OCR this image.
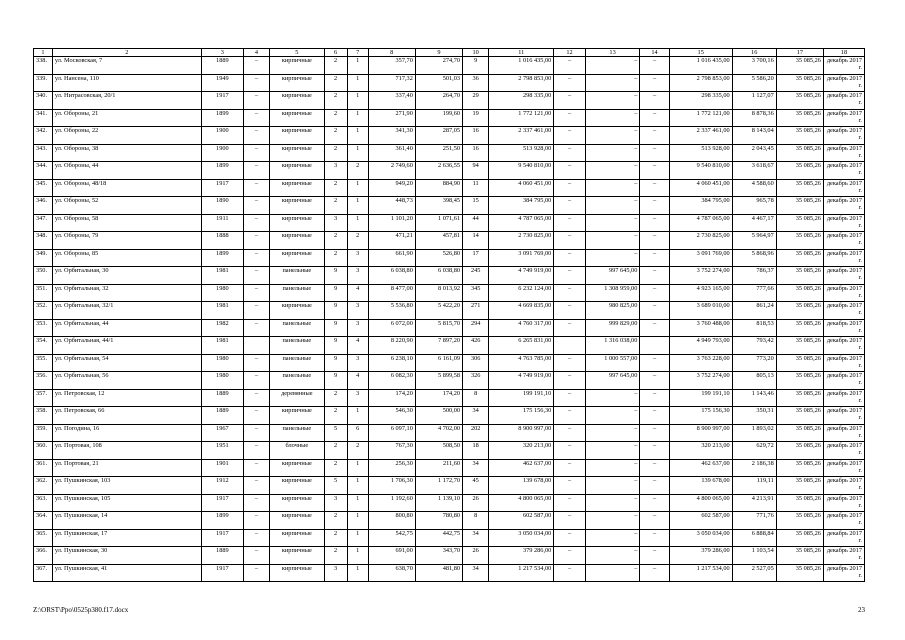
1	2	3	4	5	6	7	8	9	10	11	12	13	14	15	16	17	18
338.	ул. Московская, 7	1889	–	кирпичные	2	1	357,70	274,70	9	1 016 435,00	–	–	–	1 016 435,00	3 700,16	35 085,26	декабрь 2017 г.
339.	ул. Нансена, 110	1949	–	кирпичные	2	1	717,32	501,03	36	2 798 853,00	–	–	–	2 798 853,00	5 586,20	35 085,26	декабрь 2017 г.
340.	ул. Нитрасовская, 20/1	1917	–	кирпичные	2	1	337,40	264,70	29	298 335,00	–	–	–	298 335,00	1 127,07	35 085,26	декабрь 2017 г.
341.	ул. Обороны, 21	1899	–	кирпичные	2	1	271,90	199,60	19	1 772 121,00	–	–	–	1 772 121,00	8 878,36	35 085,26	декабрь 2017 г.
342.	ул. Обороны, 22	1900	–	кирпичные	2	1	341,30	287,05	16	2 337 461,00	–	–	–	2 337 461,00	8 143,04	35 085,26	декабрь 2017 г.
343.	ул. Обороны, 38	1900	–	кирпичные	2	1	361,40	251,50	16	513 928,00	–	–	–	513 928,00	2 043,45	35 085,26	декабрь 2017 г.
344.	ул. Обороны, 44	1899	–	кирпичные	3	2	2 749,60	2 636,55	94	9 540 810,00	–	–	–	9 540 810,00	3 618,67	35 085,26	декабрь 2017 г.
345.	ул. Обороны, 48/18	1917	–	кирпичные	2	1	949,20	884,90	11	4 060 451,00	–	–	–	4 060 451,00	4 588,60	35 085,26	декабрь 2017 г.
346.	ул. Обороны, 52	1890	–	кирпичные	2	1	448,73	398,45	15	384 795,00	–	–	–	384 795,00	965,78	35 085,26	декабрь 2017 г.
347.	ул. Обороны, 58	1911	–	кирпичные	3	1	1 101,20	1 071,61	44	4 787 065,00	–	–	–	4 787 065,00	4 467,17	35 085,26	декабрь 2017 г.
348.	ул. Обороны, 79	1888	–	кирпичные	2	2	471,21	457,81	14	2 730 825,00	–	–	–	2 730 825,00	5 964,97	35 085,26	декабрь 2017 г.
349.	ул. Обороны, 85	1899	–	кирпичные	2	3	661,90	526,80	17	3 091 769,00	–	–	–	3 091 769,00	5 868,96	35 085,26	декабрь 2017 г.
350.	ул. Орбитальная, 30	1981	–	панельные	9	3	6 038,80	6 038,80	245	4 749 919,00	–	997 645,00	–	3 752 274,00	786,37	35 085,26	декабрь 2017 г.
351.	ул. Орбитальная, 32	1980	–	панельные	9	4	8 477,00	8 013,92	345	6 232 124,00	–	1 308 959,00	–	4 923 165,00	777,66	35 085,26	декабрь 2017 г.
352.	ул. Орбитальная, 32/1	1981	–	кирпичные	9	3	5 536,80	5 422,20	271	4 669 835,00	–	980 825,00	–	3 689 010,00	861,24	35 085,26	декабрь 2017 г.
353.	ул. Орбитальная, 44	1982	–	панельные	9	3	6 072,00	5 815,70	294	4 760 317,00	–	999 829,00	–	3 760 488,00	818,53	35 085,26	декабрь 2017 г.
354.	ул. Орбитальная, 44/1	1981		панельные	9	4	8 220,90	7 897,20	426	6 265 831,00		1 316 038,00		4 949 793,00	793,42	35 085,26	декабрь 2017 г.
355.	ул. Орбитальная, 54	1980	–	панельные	9	3	6 238,10	6 161,09	306	4 763 785,00	–	1 000 557,00	–	3 763 228,00	773,20	35 085,26	декабрь 2017 г.
356.	ул. Орбитальная, 56	1980	–	панельные	9	4	6 082,30	5 899,58	326	4 749 919,00	–	997 645,00	–	3 752 274,00	805,13	35 085,26	декабрь 2017 г.
357.	ул. Петровская, 12	1889	–	деревянные	2	3	174,20	174,20	8	199 191,10	–	–	–	199 191,10	1 143,46	35 085,26	декабрь 2017 г.
358.	ул. Петровская, 66	1889	–	кирпичные	2	1	546,30	500,00	34	175 156,30	–	–	–	175 156,30	350,31	35 085,26	декабрь 2017 г.
359.	ул. Погодина, 16	1967	–	панельные	5	6	6 097,10	4 702,00	202	8 900 997,00	–	–	–	8 900 997,00	1 893,02	35 085,26	декабрь 2017 г.
360.	ул. Портовая, 108	1951	–	блочные	2	2	767,30	508,50	18	320 213,00	–	–	–	320 213,00	629,72	35 085,26	декабрь 2017 г.
361.	ул. Портовая, 21	1901	–	кирпичные	2	1	256,30	211,60	34	462 637,00	–	–	–	462 637,00	2 186,38	35 085,26	декабрь 2017 г.
362.	ул. Пушкинская, 103	1912	–	кирпичные	5	1	1 706,30	1 172,70	45	139 678,00	–	–	–	139 678,00	119,11	35 085,26	декабрь 2017 г.
363.	ул. Пушкинская, 105	1917	–	кирпичные	3	1	1 192,60	1 139,10	26	4 800 065,00	–	–	–	4 800 065,00	4 213,91	35 085,26	декабрь 2017 г.
364.	ул. Пушкинская, 14	1899	–	кирпичные	2	1	800,80	780,80	8	602 587,00	–	–	–	602 587,00	771,76	35 085,26	декабрь 2017 г.
365.	ул. Пушкинская, 17	1917	–	кирпичные	2	1	542,75	442,75	34	3 050 034,00	–	–	–	3 050 034,00	6 888,84	35 085,26	декабрь 2017 г.
366.	ул. Пушкинская, 30	1889	–	кирпичные	2	1	691,00	343,70	26	379 286,00	–	–	–	379 286,00	1 103,54	35 085,26	декабрь 2017 г.
367.	ул. Пушкинская, 41	1917	–	кирпичные	3	1	638,70	481,80	34	1 217 534,00	–	–	–	1 217 534,00	2 527,05	35 085,26	декабрь 2017 г.
Z:\ORST\Ppo\0525p380.f17.docx	23
